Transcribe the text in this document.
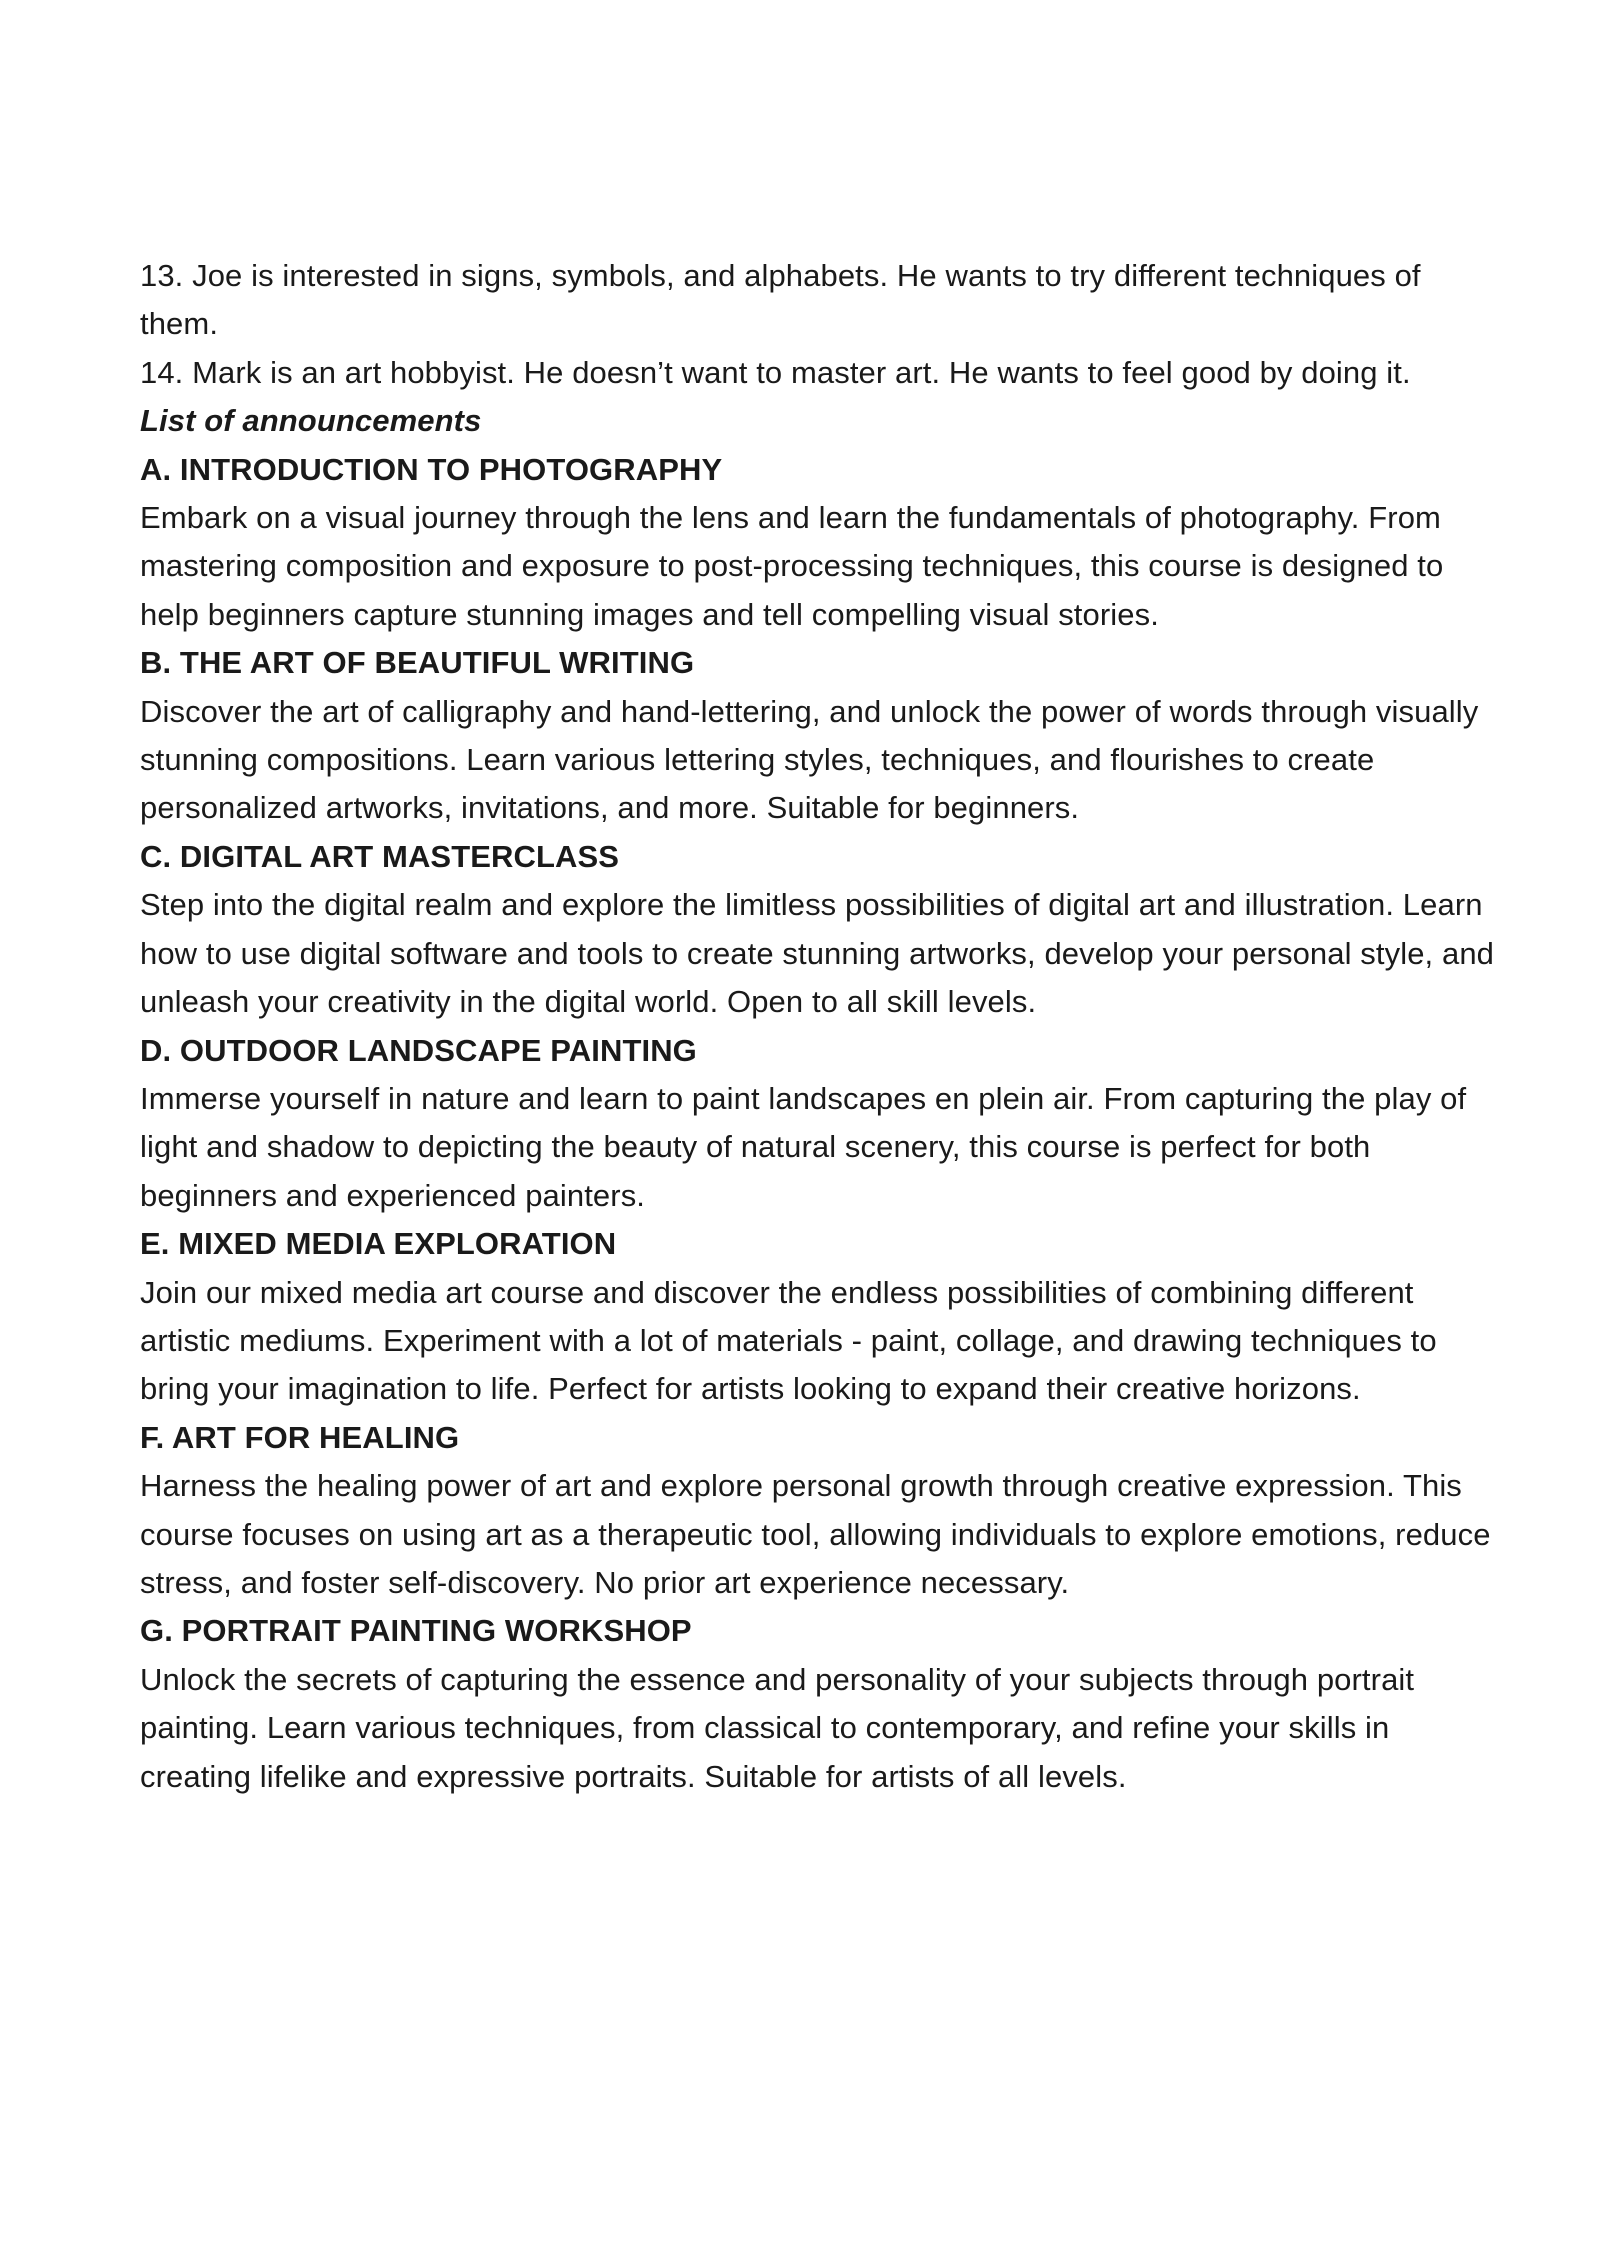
13. Joe is interested in signs, symbols, and alphabets. He wants to try different techniques of them.

14. Mark is an art hobbyist. He doesn’t want to master art. He wants to feel good by doing it.

List of announcements

A. INTRODUCTION TO PHOTOGRAPHY

Embark on a visual journey through the lens and learn the fundamentals of photography. From mastering composition and exposure to post-processing techniques, this course is designed to help beginners capture stunning images and tell compelling visual stories.

B. THE ART OF BEAUTIFUL WRITING

Discover the art of calligraphy and hand-lettering, and unlock the power of words through visually stunning compositions. Learn various lettering styles, techniques, and flourishes to create personalized artworks, invitations, and more. Suitable for beginners.

C. DIGITAL ART MASTERCLASS

Step into the digital realm and explore the limitless possibilities of digital art and illustration. Learn how to use digital software and tools to create stunning artworks, develop your personal style, and unleash your creativity in the digital world. Open to all skill levels.

D. OUTDOOR LANDSCAPE PAINTING

Immerse yourself in nature and learn to paint landscapes en plein air. From capturing the play of light and shadow to depicting the beauty of natural scenery, this course is perfect for both beginners and experienced painters.

E. MIXED MEDIA EXPLORATION

Join our mixed media art course and discover the endless possibilities of combining different artistic mediums. Experiment with a lot of materials - paint, collage, and drawing techniques to bring your imagination to life. Perfect for artists looking to expand their creative horizons.

F. ART FOR HEALING

Harness the healing power of art and explore personal growth through creative expression. This course focuses on using art as a therapeutic tool, allowing individuals to explore emotions, reduce stress, and foster self-discovery. No prior art experience necessary.

G. PORTRAIT PAINTING WORKSHOP

Unlock the secrets of capturing the essence and personality of your subjects through portrait painting. Learn various techniques, from classical to contemporary, and refine your skills in creating lifelike and expressive portraits. Suitable for artists of all levels.
